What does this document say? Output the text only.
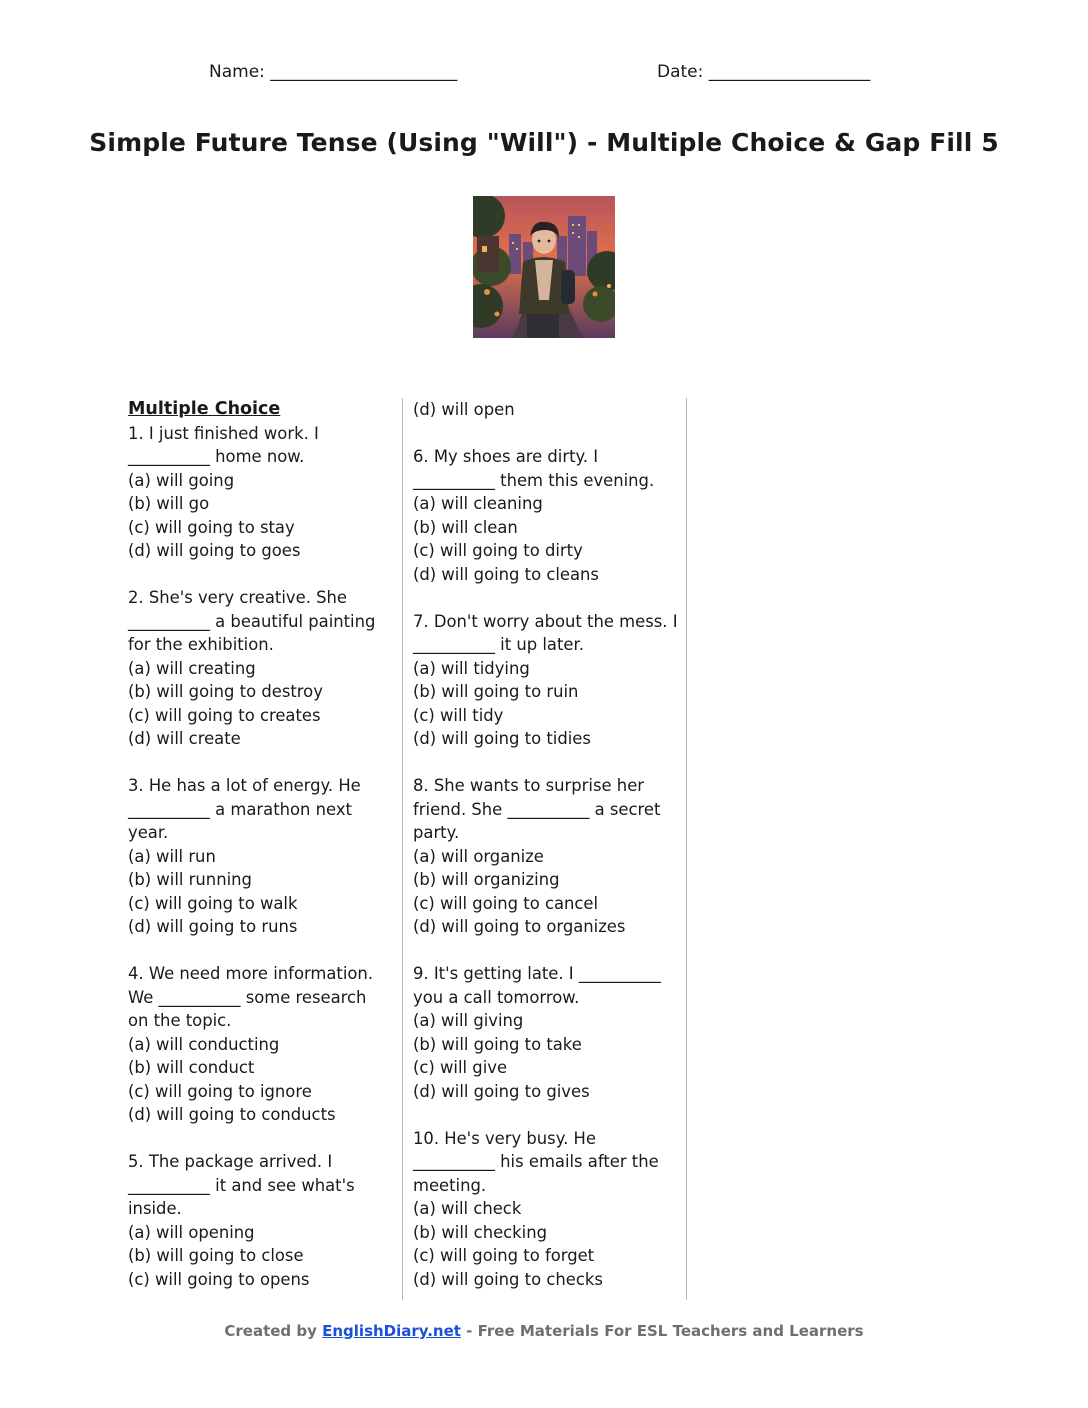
Name: ______________________	Date: ___________________
Simple Future Tense (Using "Will") - Multiple Choice & Gap Fill 5
Multiple Choice
1. I just finished work. I
__________ home now.
(a) will going
(b) will go
(c) will going to stay
(d) will going to goes
2. She's very creative. She
__________ a beautiful painting
for the exhibition.
(a) will creating
(b) will going to destroy
(c) will going to creates
(d) will create
3. He has a lot of energy. He
__________ a marathon next
year.
(a) will run
(b) will running
(c) will going to walk
(d) will going to runs
4. We need more information.
We __________ some research
on the topic.
(a) will conducting
(b) will conduct
(c) will going to ignore
(d) will going to conducts
5. The package arrived. I
__________ it and see what's
inside.
(a) will opening
(b) will going to close
(c) will going to opens
(d) will open
6. My shoes are dirty. I
__________ them this evening.
(a) will cleaning
(b) will clean
(c) will going to dirty
(d) will going to cleans
7. Don't worry about the mess. I
__________ it up later.
(a) will tidying
(b) will going to ruin
(c) will tidy
(d) will going to tidies
8. She wants to surprise her
friend. She __________ a secret
party.
(a) will organize
(b) will organizing
(c) will going to cancel
(d) will going to organizes
9. It's getting late. I __________
you a call tomorrow.
(a) will giving
(b) will going to take
(c) will give
(d) will going to gives
10. He's very busy. He
__________ his emails after the
meeting.
(a) will check
(b) will checking
(c) will going to forget
(d) will going to checks
Created by EnglishDiary.net - Free Materials For ESL Teachers and Learners
